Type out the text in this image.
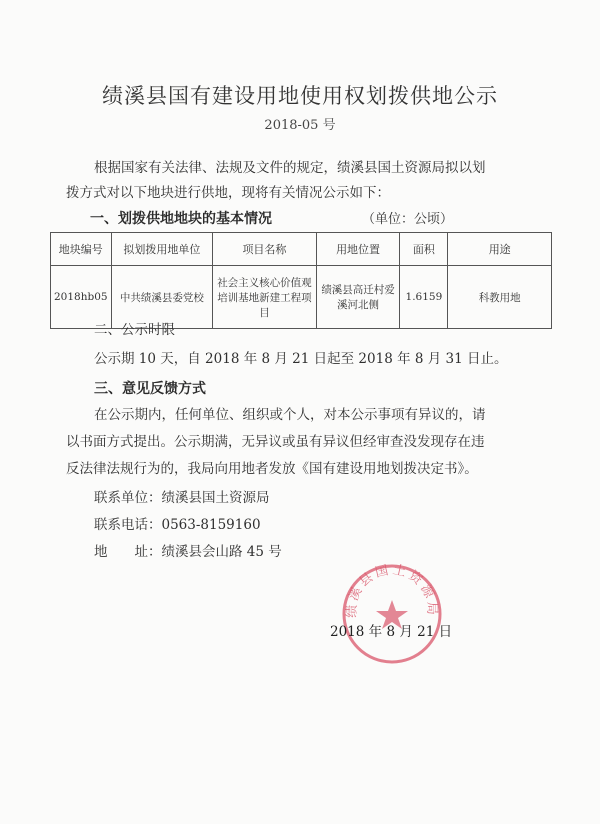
绩溪县国有建设用地使用权划拨供地公示
2018-05 号
根据国家有关法律、法规及文件的规定，绩溪县国土资源局拟以划
拨方式对以下地块进行供地，现将有关情况公示如下：
一、划拨供地地块的基本情况	（单位：公顷）
地块编号	拟划拨用地单位	项目名称	用地位置	面积	用途
2018hb05	中共绩溪县委党校	社会主义核心价值观培训基地新建工程项目	绩溪县高迁村爱溪河北侧	1.6159	科教用地
二、公示时限
公示期 10 天，自 2018 年 8 月 21 日起至 2018 年 8 月 31 日止。
三、意见反馈方式
在公示期内，任何单位、组织或个人，对本公示事项有异议的，请
以书面方式提出。公示期满，无异议或虽有异议但经审查没发现存在违
反法律法规行为的，我局向用地者发放《国有建设用地划拨决定书》。
联系单位：绩溪县国土资源局
联系电话：0563-8159160
地　　址：绩溪县会山路 45 号
绩溪县国土资源局
2018 年 8 月 21 日
